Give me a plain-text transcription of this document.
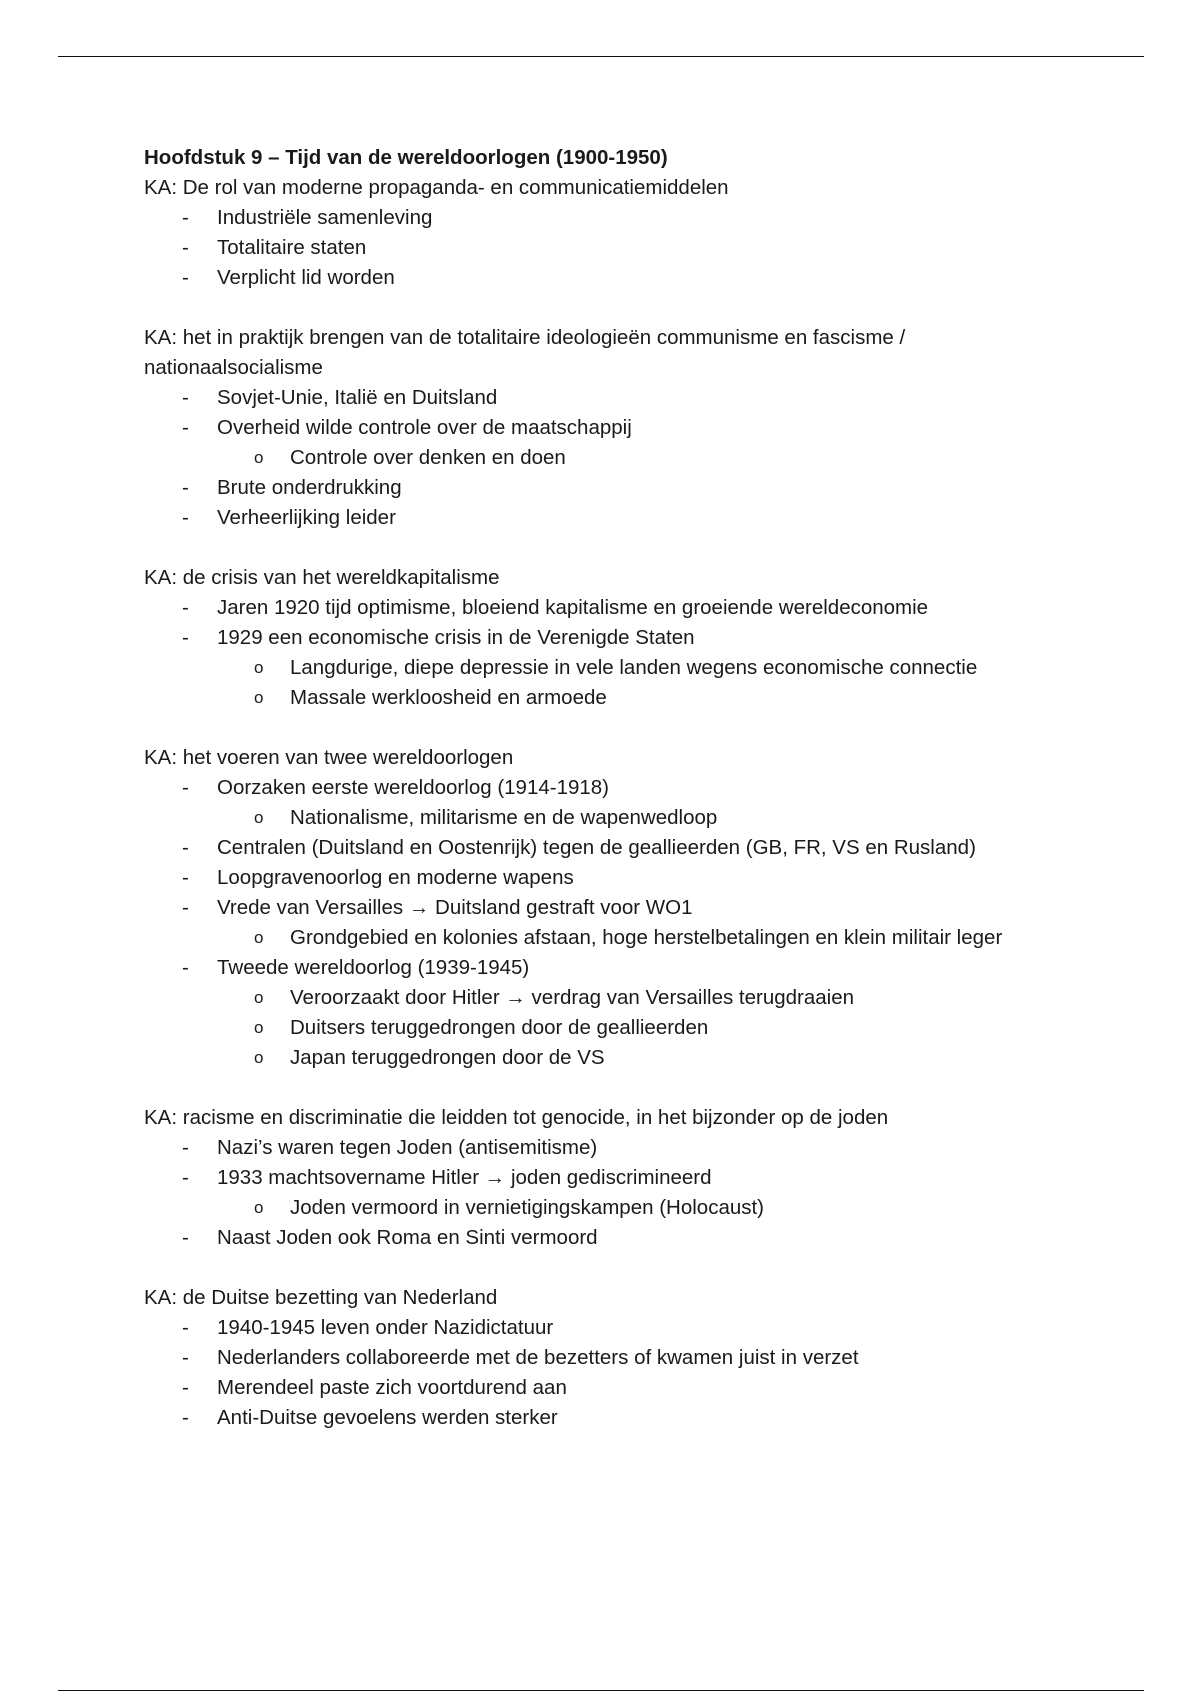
Hoofdstuk 9 – Tijd van de wereldoorlogen (1900-1950)

KA: De rol van moderne propaganda- en communicatiemiddelen

- Industriële samenleving
- Totalitaire staten
- Verplicht lid worden

KA: het in praktijk brengen van de totalitaire ideologieën communisme en fascisme / nationaalsocialisme

- Sovjet-Unie, Italië en Duitsland
- Overheid wilde controle over de maatschappij
o Controle over denken en doen
- Brute onderdrukking
- Verheerlijking leider

KA: de crisis van het wereldkapitalisme

- Jaren 1920 tijd optimisme, bloeiend kapitalisme en groeiende wereldeconomie
- 1929 een economische crisis in de Verenigde Staten
o Langdurige, diepe depressie in vele landen wegens economische connectie
o Massale werkloosheid en armoede

KA: het voeren van twee wereldoorlogen

- Oorzaken eerste wereldoorlog (1914-1918)
o Nationalisme, militarisme en de wapenwedloop
- Centralen (Duitsland en Oostenrijk) tegen de geallieerden (GB, FR, VS en Rusland)
- Loopgravenoorlog en moderne wapens
- Vrede van Versailles → Duitsland gestraft voor WO1
o Grondgebied en kolonies afstaan, hoge herstelbetalingen en klein militair leger
- Tweede wereldoorlog (1939-1945)
o Veroorzaakt door Hitler → verdrag van Versailles terugdraaien
o Duitsers teruggedrongen door de geallieerden
o Japan teruggedrongen door de VS

KA: racisme en discriminatie die leidden tot genocide, in het bijzonder op de joden

- Nazi’s waren tegen Joden (antisemitisme)
- 1933 machtsovername Hitler → joden gediscrimineerd
o Joden vermoord in vernietigingskampen (Holocaust)
- Naast Joden ook Roma en Sinti vermoord

KA: de Duitse bezetting van Nederland

- 1940-1945 leven onder Nazidictatuur
- Nederlanders collaboreerde met de bezetters of kwamen juist in verzet
- Merendeel paste zich voortdurend aan
- Anti-Duitse gevoelens werden sterker
